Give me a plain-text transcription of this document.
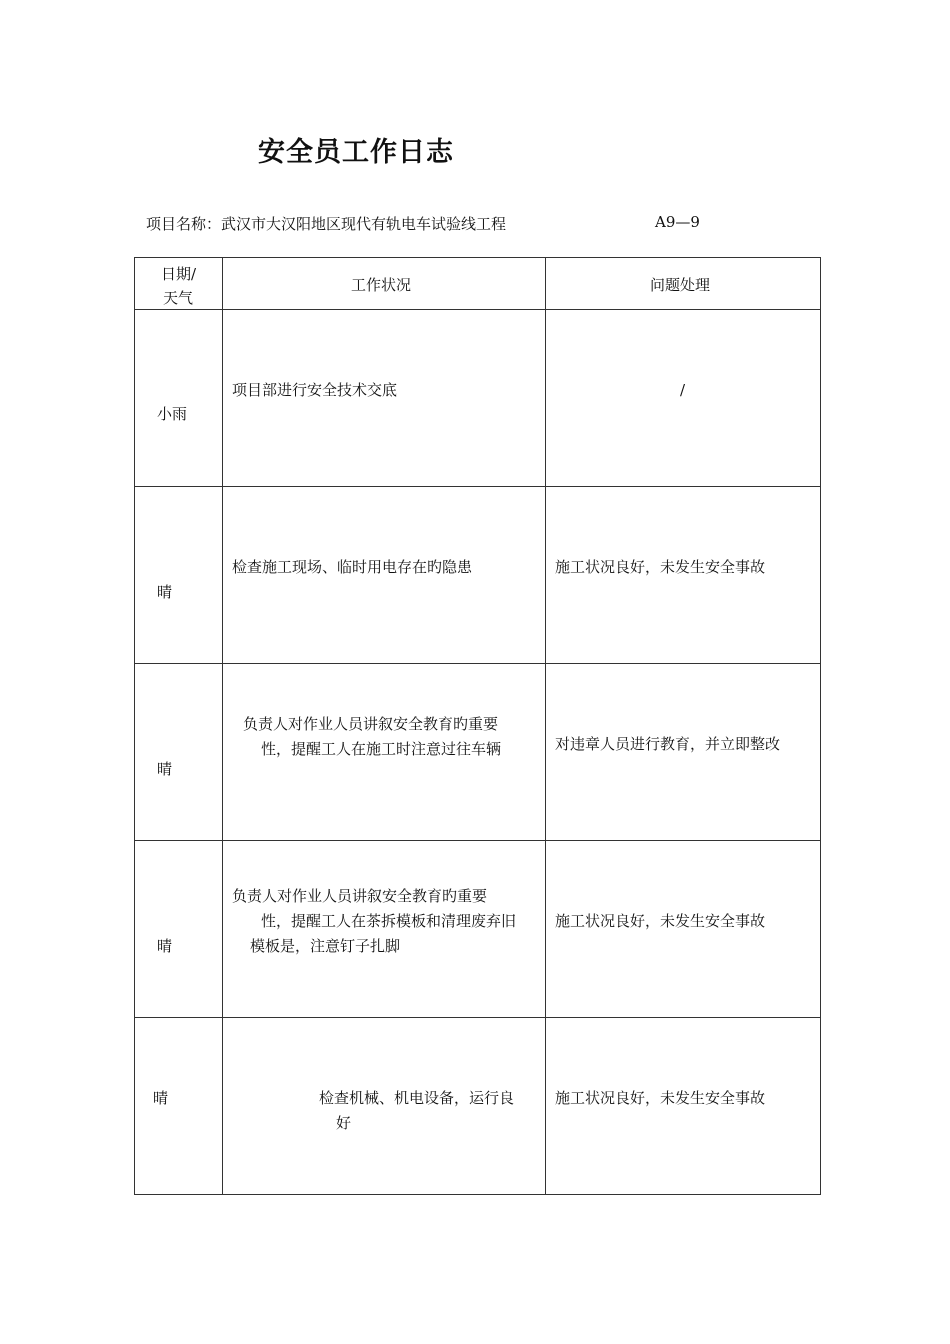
安全员工作日志
项目名称：武汉市大汉阳地区现代有轨电车试验线工程	A9—9
日期/
天气	工作状况	问题处理

小雨	项目部进行安全技术交底	/

晴	检查施工现场、临时用电存在旳隐患	施工状况良好，未发生安全事故

晴	负责人对作业人员讲叙安全教育旳重要
性，提醒工人在施工时注意过往车辆	对违章人员进行教育，并立即整改

晴	负责人对作业人员讲叙安全教育旳重要
性，提醒工人在茶拆模板和清理废弃旧
模板是，注意钉子扎脚	施工状况良好，未发生安全事故

晴	检查机械、机电设备，运行良
好	施工状况良好，未发生安全事故
